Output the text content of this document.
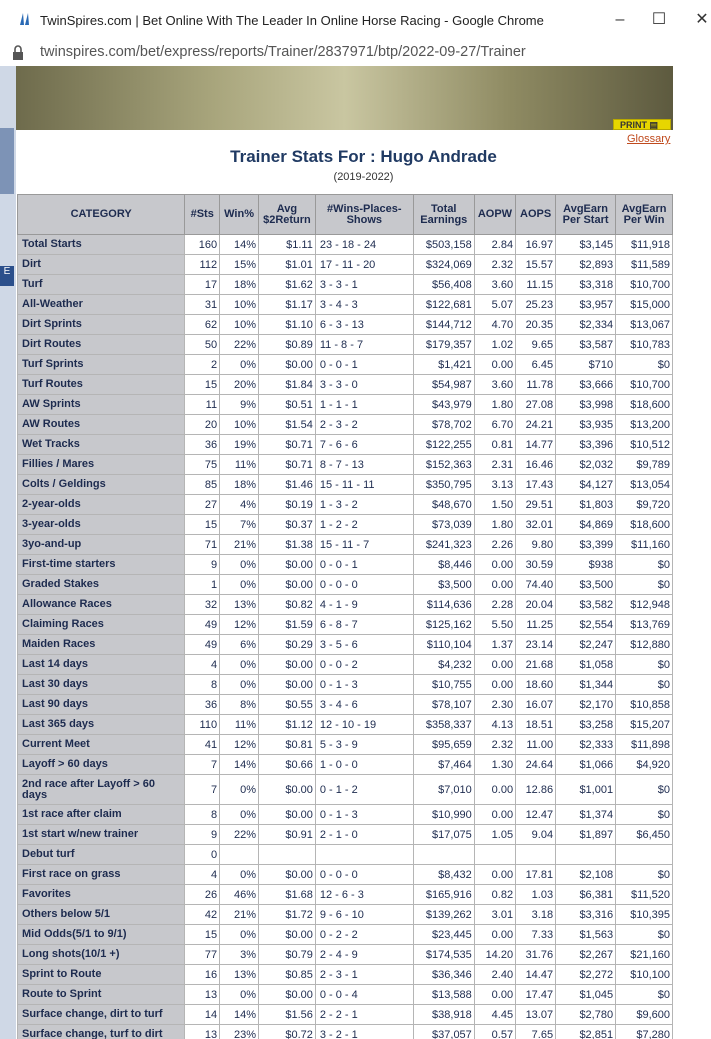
TwinSpires.com | Bet Online With The Leader In Online Horse Racing - Google Chrome	–	☐	✕
twinspires.com/bet/express/reports/Trainer/2837971/btp/2022-09-27/Trainer
E
PRINT ▤
Glossary
Trainer Stats For : Hugo Andrade
(2019-2022)
CATEGORY	#Sts	Win%	Avg $2Return	#Wins-Places-Shows	Total Earnings	AOPW	AOPS	AvgEarn Per Start	AvgEarn Per Win
Total Starts	160	14%	$1.11	23 - 18 - 24	$503,158	2.84	16.97	$3,145	$11,918
Dirt	112	15%	$1.01	17 - 11 - 20	$324,069	2.32	15.57	$2,893	$11,589
Turf	17	18%	$1.62	3 - 3 - 1	$56,408	3.60	11.15	$3,318	$10,700
All-Weather	31	10%	$1.17	3 - 4 - 3	$122,681	5.07	25.23	$3,957	$15,000
Dirt Sprints	62	10%	$1.10	6 - 3 - 13	$144,712	4.70	20.35	$2,334	$13,067
Dirt Routes	50	22%	$0.89	11 - 8 - 7	$179,357	1.02	9.65	$3,587	$10,783
Turf Sprints	2	0%	$0.00	0 - 0 - 1	$1,421	0.00	6.45	$710	$0
Turf Routes	15	20%	$1.84	3 - 3 - 0	$54,987	3.60	11.78	$3,666	$10,700
AW Sprints	11	9%	$0.51	1 - 1 - 1	$43,979	1.80	27.08	$3,998	$18,600
AW Routes	20	10%	$1.54	2 - 3 - 2	$78,702	6.70	24.21	$3,935	$13,200
Wet Tracks	36	19%	$0.71	7 - 6 - 6	$122,255	0.81	14.77	$3,396	$10,512
Fillies / Mares	75	11%	$0.71	8 - 7 - 13	$152,363	2.31	16.46	$2,032	$9,789
Colts / Geldings	85	18%	$1.46	15 - 11 - 11	$350,795	3.13	17.43	$4,127	$13,054
2-year-olds	27	4%	$0.19	1 - 3 - 2	$48,670	1.50	29.51	$1,803	$9,720
3-year-olds	15	7%	$0.37	1 - 2 - 2	$73,039	1.80	32.01	$4,869	$18,600
3yo-and-up	71	21%	$1.38	15 - 11 - 7	$241,323	2.26	9.80	$3,399	$11,160
First-time starters	9	0%	$0.00	0 - 0 - 1	$8,446	0.00	30.59	$938	$0
Graded Stakes	1	0%	$0.00	0 - 0 - 0	$3,500	0.00	74.40	$3,500	$0
Allowance Races	32	13%	$0.82	4 - 1 - 9	$114,636	2.28	20.04	$3,582	$12,948
Claiming Races	49	12%	$1.59	6 - 8 - 7	$125,162	5.50	11.25	$2,554	$13,769
Maiden Races	49	6%	$0.29	3 - 5 - 6	$110,104	1.37	23.14	$2,247	$12,880
Last 14 days	4	0%	$0.00	0 - 0 - 2	$4,232	0.00	21.68	$1,058	$0
Last 30 days	8	0%	$0.00	0 - 1 - 3	$10,755	0.00	18.60	$1,344	$0
Last 90 days	36	8%	$0.55	3 - 4 - 6	$78,107	2.30	16.07	$2,170	$10,858
Last 365 days	110	11%	$1.12	12 - 10 - 19	$358,337	4.13	18.51	$3,258	$15,207
Current Meet	41	12%	$0.81	5 - 3 - 9	$95,659	2.32	11.00	$2,333	$11,898
Layoff > 60 days	7	14%	$0.66	1 - 0 - 0	$7,464	1.30	24.64	$1,066	$4,920
2nd race after Layoff > 60 days	7	0%	$0.00	0 - 1 - 2	$7,010	0.00	12.86	$1,001	$0
1st race after claim	8	0%	$0.00	0 - 1 - 3	$10,990	0.00	12.47	$1,374	$0
1st start w/new trainer	9	22%	$0.91	2 - 1 - 0	$17,075	1.05	9.04	$1,897	$6,450
Debut turf	0								
First race on grass	4	0%	$0.00	0 - 0 - 0	$8,432	0.00	17.81	$2,108	$0
Favorites	26	46%	$1.68	12 - 6 - 3	$165,916	0.82	1.03	$6,381	$11,520
Others below 5/1	42	21%	$1.72	9 - 6 - 10	$139,262	3.01	3.18	$3,316	$10,395
Mid Odds(5/1 to 9/1)	15	0%	$0.00	0 - 2 - 2	$23,445	0.00	7.33	$1,563	$0
Long shots(10/1 +)	77	3%	$0.79	2 - 4 - 9	$174,535	14.20	31.76	$2,267	$21,160
Sprint to Route	16	13%	$0.85	2 - 3 - 1	$36,346	2.40	14.47	$2,272	$10,100
Route to Sprint	13	0%	$0.00	0 - 0 - 4	$13,588	0.00	17.47	$1,045	$0
Surface change, dirt to turf	14	14%	$1.56	2 - 2 - 1	$38,918	4.45	13.07	$2,780	$9,600
Surface change, turf to dirt	13	23%	$0.72	3 - 2 - 1	$37,057	0.57	7.65	$2,851	$7,280
